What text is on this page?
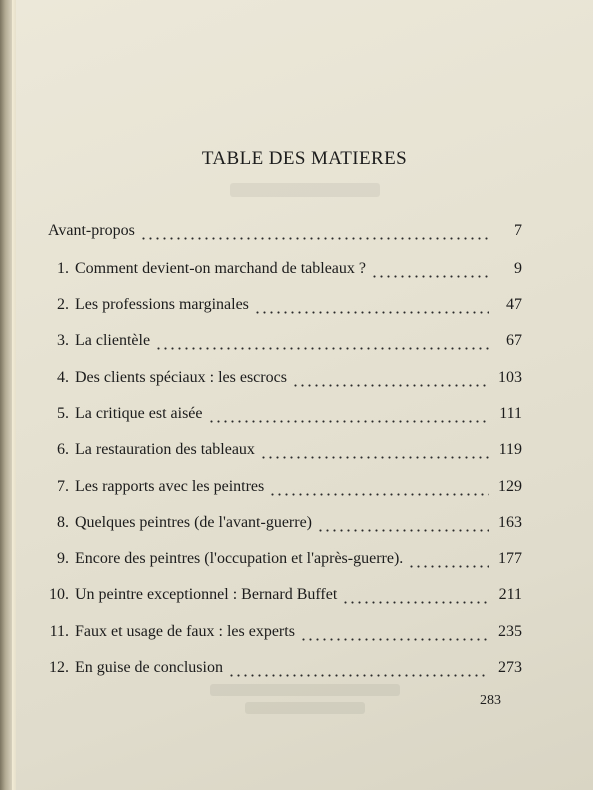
TABLE DES MATIERES
Avant-propos	7
1. Comment devient-on marchand de tableaux ?	9
2. Les professions marginales	47
3. La clientèle	67
4. Des clients spéciaux : les escrocs	103
5. La critique est aisée	111
6. La restauration des tableaux	119
7. Les rapports avec les peintres	129
8. Quelques peintres (de l'avant-guerre)	163
9. Encore des peintres (l'occupation et l'après-guerre).	177
10. Un peintre exceptionnel : Bernard Buffet	211
11. Faux et usage de faux : les experts	235
12. En guise de conclusion	273
283
